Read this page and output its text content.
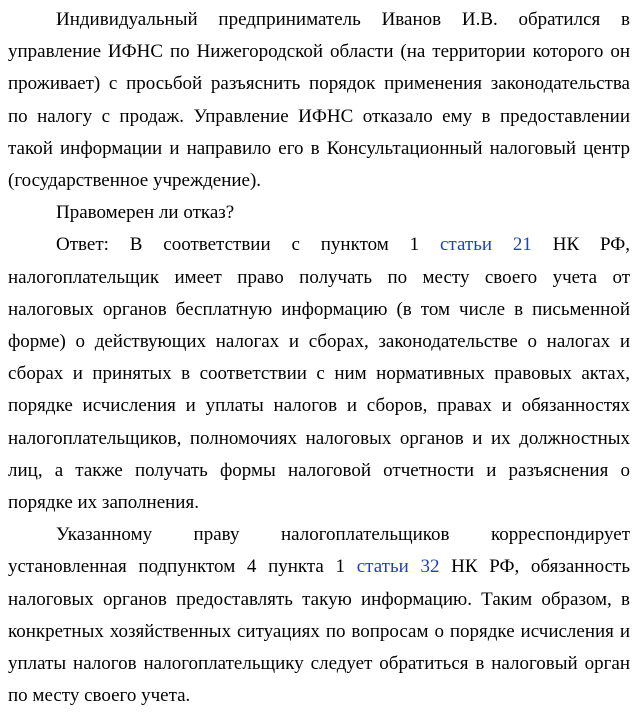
Индивидуальный предприниматель Иванов И.В. обратился в управление ИФНС по Нижегородской области (на территории которого он проживает) с просьбой разъяснить порядок применения законодательства по налогу с продаж. Управление ИФНС отказало ему в предоставлении такой информации и направило его в Консультационный налоговый центр (государственное учреждение).

Правомерен ли отказ?

Ответ: В соответствии с пунктом 1 статьи 21 НК РФ, налогоплательщик имеет право получать по месту своего учета от налоговых органов бесплатную информацию (в том числе в письменной форме) о действующих налогах и сборах, законодательстве о налогах и сборах и принятых в соответствии с ним нормативных правовых актах, порядке исчисления и уплаты налогов и сборов, правах и обязанностях налогоплательщиков, полномочиях налоговых органов и их должностных лиц, а также получать формы налоговой отчетности и разъяснения о порядке их заполнения.

Указанному праву налогоплательщиков корреспондирует установленная подпунктом 4 пункта 1 статьи 32 НК РФ, обязанность налоговых органов предоставлять такую информацию. Таким образом, в конкретных хозяйственных ситуациях по вопросам о порядке исчисления и уплаты налогов налогоплательщику следует обратиться в налоговый орган по месту своего учета.
